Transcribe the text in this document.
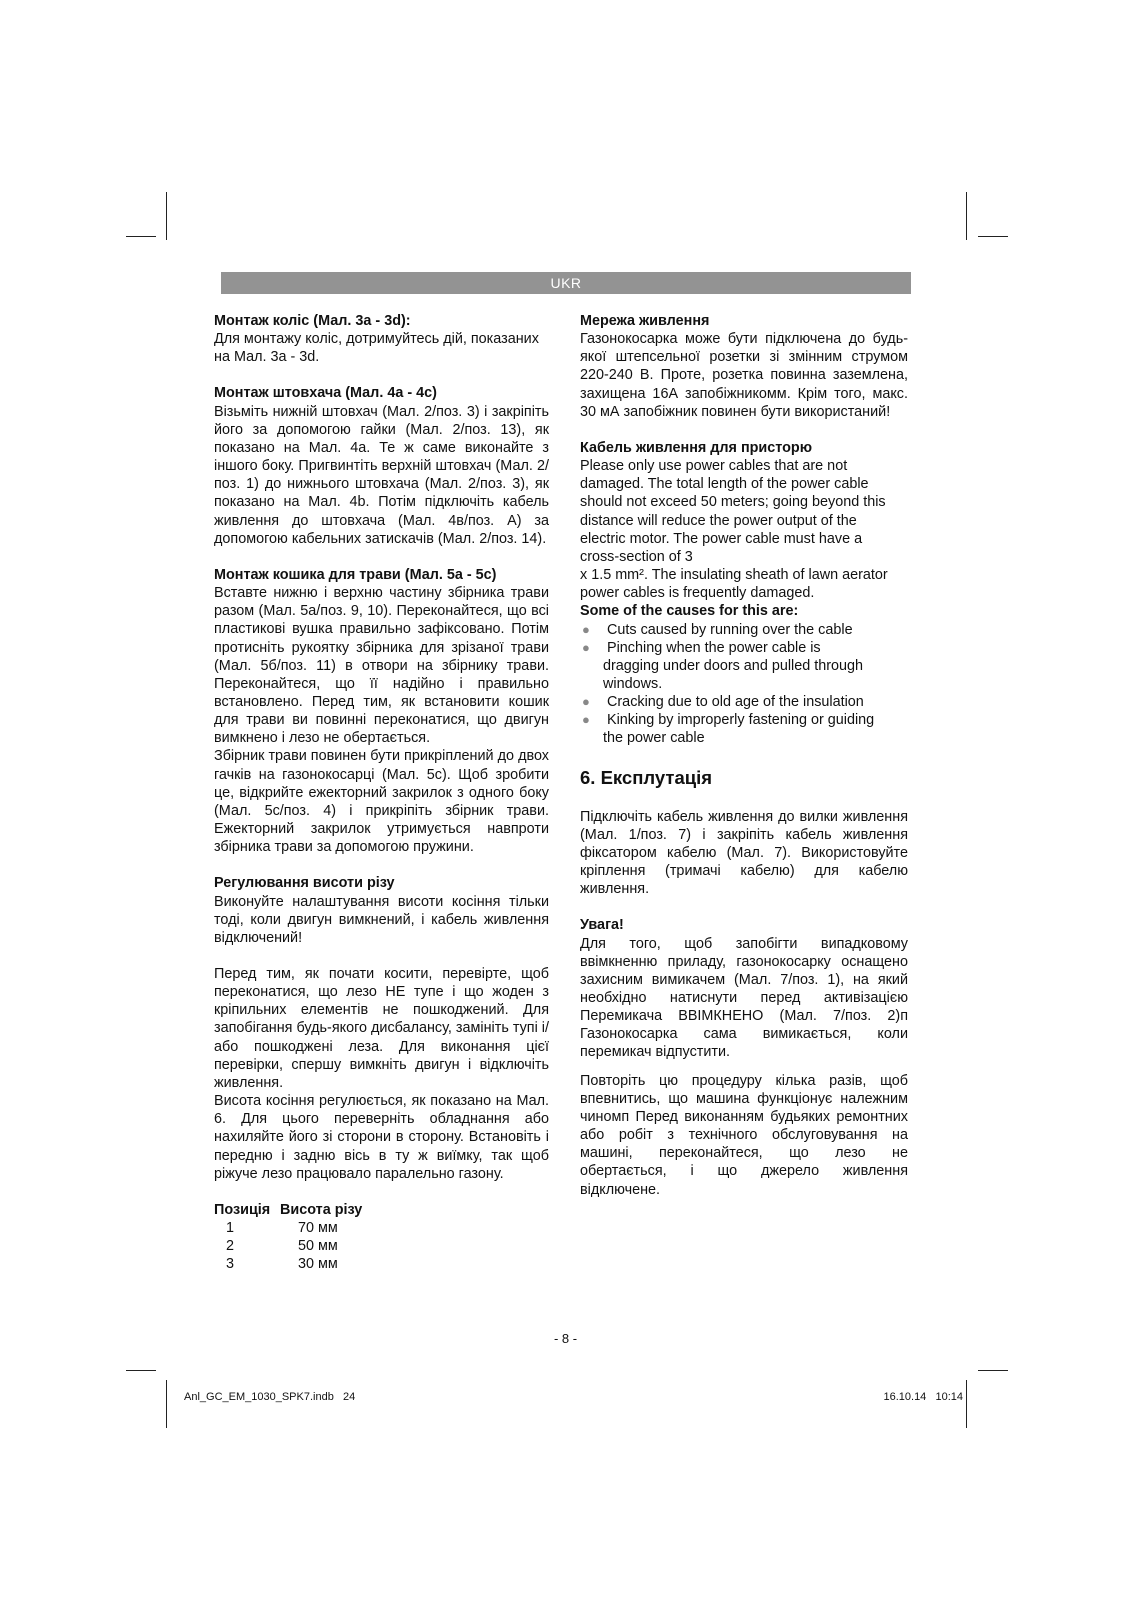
UKR

Монтаж коліс (Мал. 3а - 3d):

Для монтажу коліс, дотримуйтесь дій, показаних

на Мал. 3а - 3d.

Монтаж штовхача (Мал. 4а - 4с)

Візьміть нижній штовхач (Мал. 2/поз. 3) і закріпіть його за допомогою гайки (Мал. 2/поз. 13), як показано на Мал. 4а. Те ж саме виконайте з іншого боку. Пригвинтіть верхній штовхач (Мал. 2/поз. 1) до нижнього штовхача (Мал. 2/поз. 3), як показано на Мал. 4b. Потім підключіть кабель живлення до штовхача (Мал. 4в/поз. А) за допомогою кабельних затискачів (Мал. 2/поз. 14).

Монтаж кошика для трави (Мал. 5а - 5с)

Вставте нижню і верхню частину збірника трави разом (Мал. 5а/поз. 9, 10). Переконайтеся, що всі пластикові вушка правильно зафіксовано. Потім протисніть рукоятку збірника для зрізаної трави (Мал. 5б/поз. 11) в отвори на збірнику трави. Переконайтеся, що її надійно і правильно встановлено. Перед тим, як встановити кошик для трави ви повинні переконатися, що двигун вимкнено і лезо не обертається.

Збірник трави повинен бути прикріплений до двох гачків на газонокосарці (Мал. 5с). Щоб зробити це, відкрийте ежекторний закрилок з одного боку (Мал. 5с/поз. 4) і прикріпіть збірник трави. Ежекторний закрилок утримується навпроти збірника трави за допомогою пружини.

Регулювання висоти різу

Виконуйте налаштування висоти косіння тільки тоді, коли двигун вимкнений, і кабель живлення відключений!

Перед тим, як почати косити, перевірте, щоб переконатися, що лезо НЕ тупе і що жоден з кріпильних елементів не пошкоджений. Для запобігання будь-якого дисбалансу, замініть тупі і/або пошкоджені леза. Для виконання цієї перевірки, спершу вимкніть двигун і відключіть живлення.

Висота косіння регулюється, як показано на Мал. 6. Для цього переверніть обладнання або нахиляйте його зі сторони в сторону. Встановіть і передню і задню вісь в ту ж виїмку, так щоб ріжуче лезо працювало паралельно газону.

Позиція	Висота різу
1	70 мм
2	50 мм
3	30 мм

Мережа живлення

Газонокосарка може бути підключена до будьякої штепсельної розетки зі змінним струмом 220-240 В. Проте, розетка повинна заземлена, захищена 16А запобіжникомм. Крім того, макс. 30 мА запобіжник повинен бути використаний!

Кабель живлення для присторю

Please only use power cables that are not

damaged. The total length of the power cable

should not exceed 50 meters; going beyond this

distance will reduce the power output of the

electric motor. The power cable must have a

cross-section of 3

x 1.5 mm². The insulating sheath of lawn aerator

power cables is frequently damaged.

Some of the causes for this are:

● Cuts caused by running over the cable
● Pinching when the power cable is
dragging under doors and pulled through
windows.
● Cracking due to old age of the insulation
● Kinking by improperly fastening or guiding
the power cable

6. Експлутація

Підключіть кабель живлення до вилки живлення (Мал. 1/поз. 7) і закріпіть кабель живлення фіксатором кабелю (Мал. 7). Використовуйте кріплення (тримачі кабелю) для кабелю живлення.

Увага!

Для того, щоб запобігти випадковому ввімкненню приладу, газонокосарку оснащено захисним вимикачем (Мал. 7/поз. 1), на який необхідно натиснути перед активізацією Перемикача ВВІМКНЕНО (Мал. 7/поз. 2)п Газонокосарка сама вимикається, коли перемикач відпустити.

Повторіть цю процедуру кілька разів, щоб впевнитись, що машина функціонує належним чиномп Перед виконанням будьяких ремонтних або робіт з технічного обслуговування на машині, переконайтеся, що лезо не обертається, і що джерело живлення відключене.

- 8 -
Anl_GC_EM_1030_SPK7.indb   24	16.10.14   10:14
